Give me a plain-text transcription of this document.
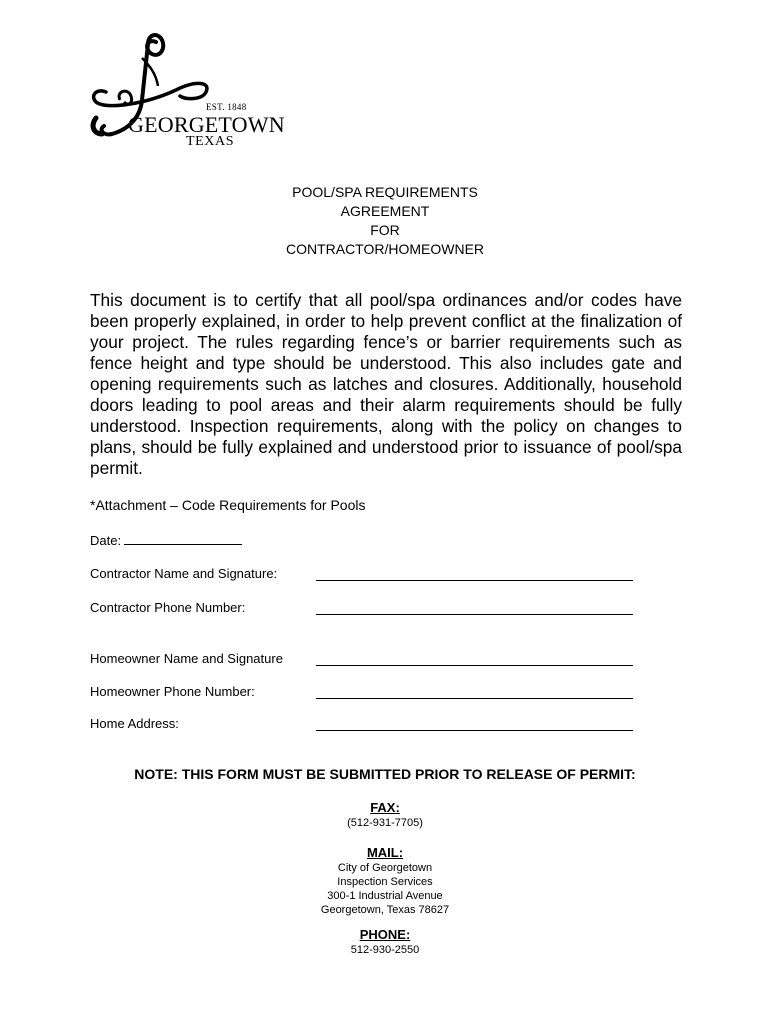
EST. 1848
GEORGETOWN
TEXAS
POOL/SPA REQUIREMENTS
AGREEMENT
FOR
CONTRACTOR/HOMEOWNER

This document is to certify that all pool/spa ordinances and/or codes have been properly explained, in order to help prevent conflict at the finalization of your project. The rules regarding fence’s or barrier requirements such as fence height and type should be understood. This also includes gate and opening requirements such as latches and closures. Additionally, household doors leading to pool areas and their alarm requirements should be fully understood. Inspection requirements, along with the policy on changes to plans, should be fully explained and understood prior to issuance of pool/spa permit.

*Attachment – Code Requirements for Pools
Date:
Contractor Name and Signature:
Contractor Phone Number:
Homeowner Name and Signature
Homeowner Phone Number:
Home Address:
NOTE: THIS FORM MUST BE SUBMITTED PRIOR TO RELEASE OF PERMIT:
FAX:
(512-931-7705)
MAIL:
City of Georgetown
Inspection Services
300-1 Industrial Avenue
Georgetown, Texas 78627
PHONE:
512-930-2550
